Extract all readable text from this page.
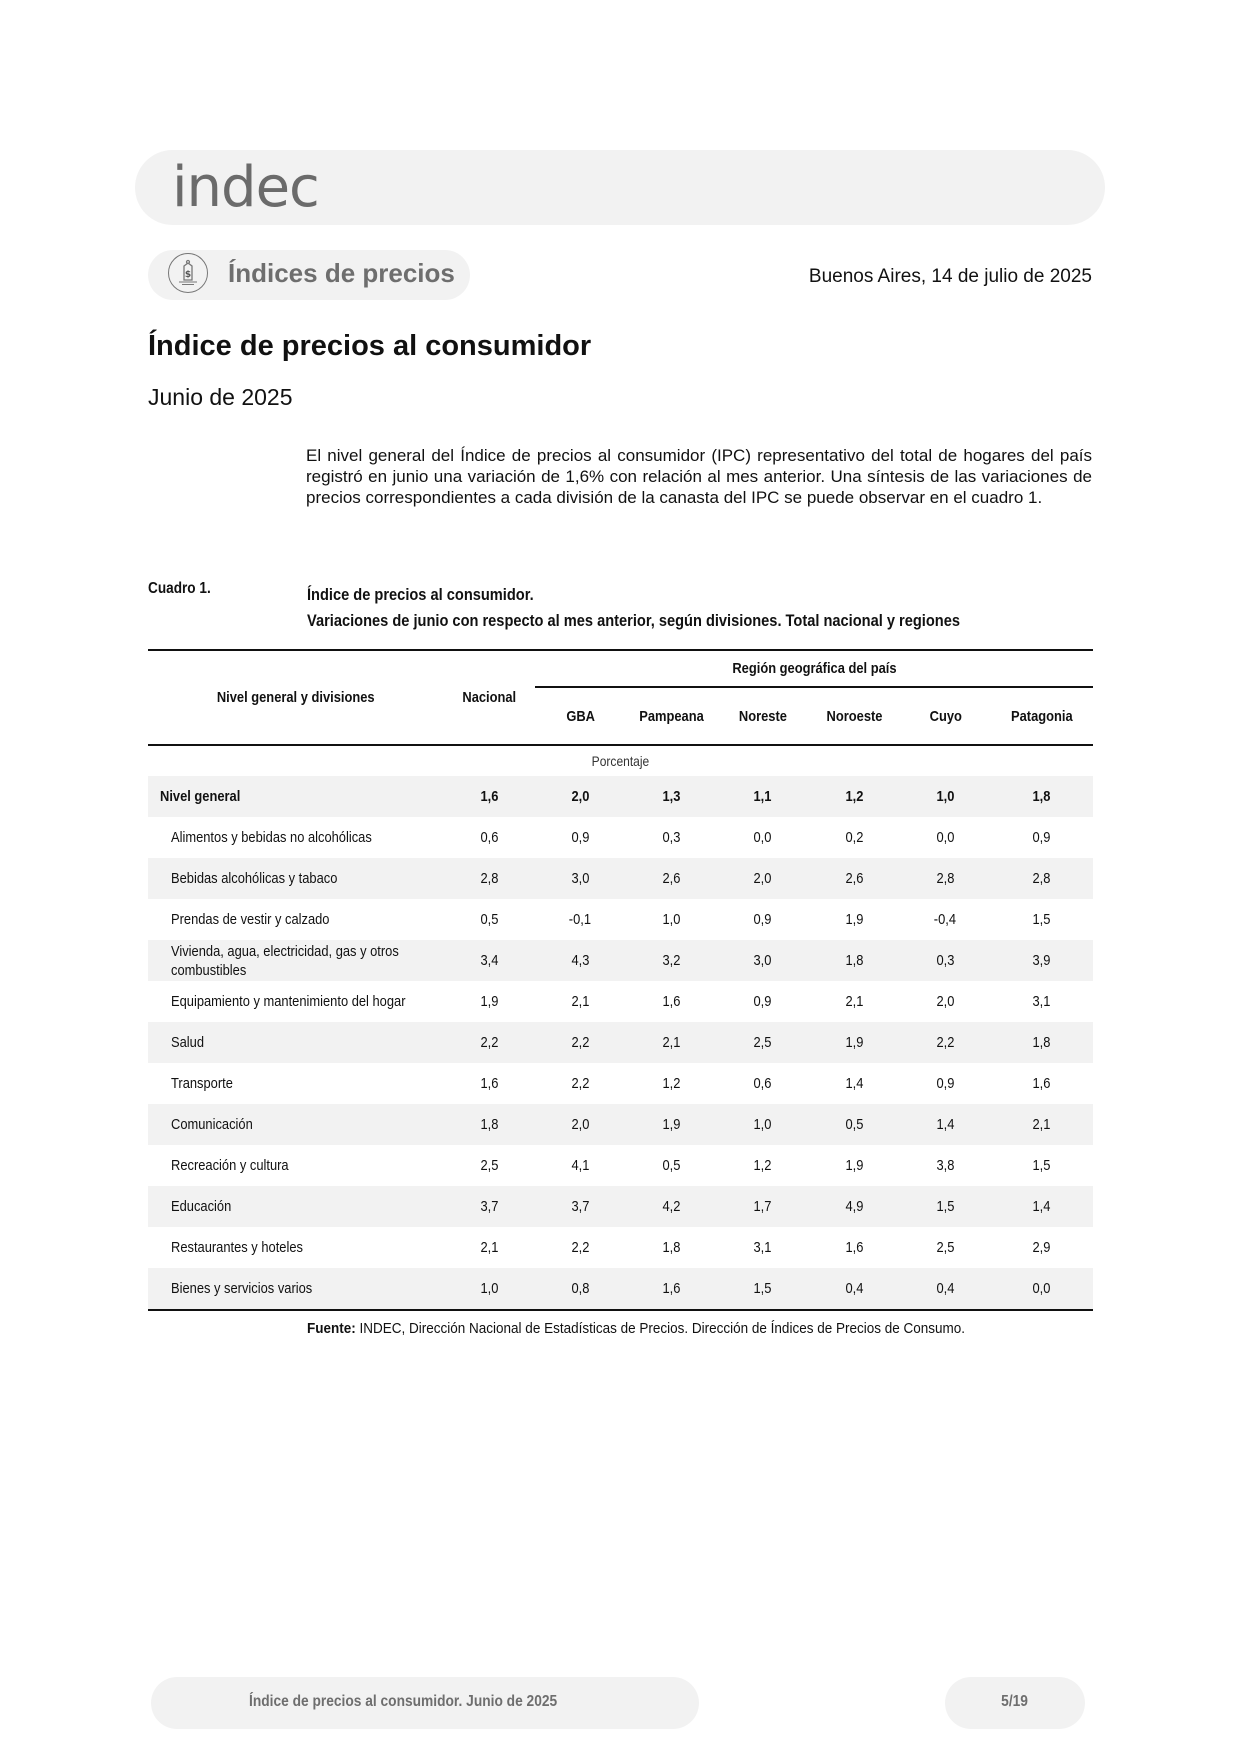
indec
$ Índices de precios	Buenos Aires, 14 de julio de 2025
Índice de precios al consumidor
Junio de 2025
El nivel general del Índice de precios al consumidor (IPC) representativo del total de hogares del país registró en junio una variación de 1,6% con relación al mes anterior. Una síntesis de las variaciones de precios correspondientes a cada división de la canasta del IPC se puede observar en el cuadro 1.
Cuadro 1.	Índice de precios al consumidor.
Variaciones de junio con respecto al mes anterior, según divisiones. Total nacional y regiones
Nivel general y divisiones	Nacional	Región geográfica del país					
		GBA	Pampeana	Noreste	Noroeste	Cuyo	Patagonia
Porcentaje							
Nivel general	1,6	2,0	1,3	1,1	1,2	1,0	1,8
Alimentos y bebidas no alcohólicas	0,6	0,9	0,3	0,0	0,2	0,0	0,9
Bebidas alcohólicas y tabaco	2,8	3,0	2,6	2,0	2,6	2,8	2,8
Prendas de vestir y calzado	0,5	-0,1	1,0	0,9	1,9	-0,4	1,5
Vivienda, agua, electricidad, gas y otros
combustibles	3,4	4,3	3,2	3,0	1,8	0,3	3,9
Equipamiento y mantenimiento del hogar	1,9	2,1	1,6	0,9	2,1	2,0	3,1
Salud	2,2	2,2	2,1	2,5	1,9	2,2	1,8
Transporte	1,6	2,2	1,2	0,6	1,4	0,9	1,6
Comunicación	1,8	2,0	1,9	1,0	0,5	1,4	2,1
Recreación y cultura	2,5	4,1	0,5	1,2	1,9	3,8	1,5
Educación	3,7	3,7	4,2	1,7	4,9	1,5	1,4
Restaurantes y hoteles	2,1	2,2	1,8	3,1	1,6	2,5	2,9
Bienes y servicios varios	1,0	0,8	1,6	1,5	0,4	0,4	0,0
Fuente: INDEC, Dirección Nacional de Estadísticas de Precios. Dirección de Índices de Precios de Consumo.
Índice de precios al consumidor. Junio de 2025	5/19
